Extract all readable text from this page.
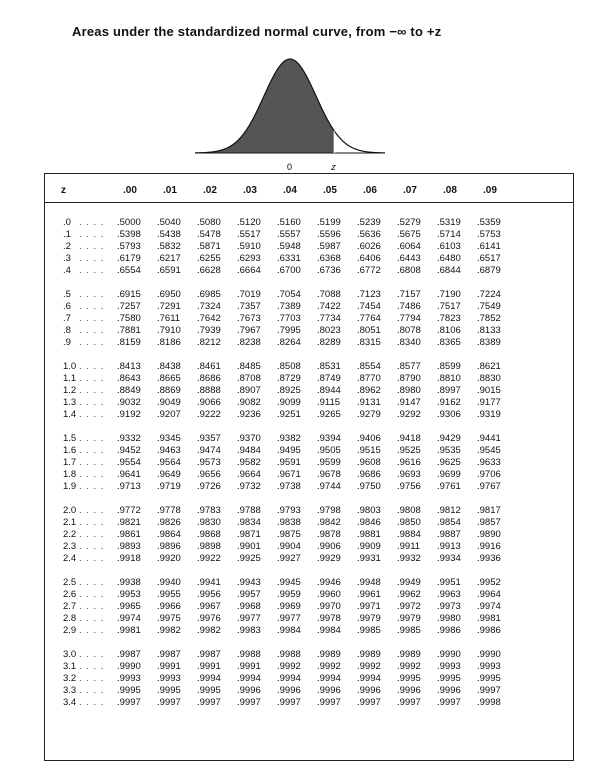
Areas under the standardized normal curve, from −∞ to +z
0	z
z	.00	.01	.02	.03	.04	.05	.06	.07	.08	.09
.0 . . . . .5000 .5040 .5080 .5120 .5160 .5199 .5239 .5279 .5319 .5359
.1 . . . . .5398 .5438 .5478 .5517 .5557 .5596 .5636 .5675 .5714 .5753
.2 . . . . .5793 .5832 .5871 .5910 .5948 .5987 .6026 .6064 .6103 .6141
.3 . . . . .6179 .6217 .6255 .6293 .6331 .6368 .6406 .6443 .6480 .6517
.4 . . . . .6554 .6591 .6628 .6664 .6700 .6736 .6772 .6808 .6844 .6879
.5 . . . . .6915 .6950 .6985 .7019 .7054 .7088 .7123 .7157 .7190 .7224
.6 . . . . .7257 .7291 .7324 .7357 .7389 .7422 .7454 .7486 .7517 .7549
.7 . . . . .7580 .7611 .7642 .7673 .7703 .7734 .7764 .7794 .7823 .7852
.8 . . . . .7881 .7910 .7939 .7967 .7995 .8023 .8051 .8078 .8106 .8133
.9 . . . . .8159 .8186 .8212 .8238 .8264 .8289 .8315 .8340 .8365 .8389
1.0 . . . . .8413 .8438 .8461 .8485 .8508 .8531 .8554 .8577 .8599 .8621
1.1 . . . . .8643 .8665 .8686 .8708 .8729 .8749 .8770 .8790 .8810 .8830
1.2 . . . . .8849 .8869 .8888 .8907 .8925 .8944 .8962 .8980 .8997 .9015
1.3 . . . . .9032 .9049 .9066 .9082 .9099 .9115 .9131 .9147 .9162 .9177
1.4 . . . . .9192 .9207 .9222 .9236 .9251 .9265 .9279 .9292 .9306 .9319
1.5 . . . . .9332 .9345 .9357 .9370 .9382 .9394 .9406 .9418 .9429 .9441
1.6 . . . . .9452 .9463 .9474 .9484 .9495 .9505 .9515 .9525 .9535 .9545
1.7 . . . . .9554 .9564 .9573 .9582 .9591 .9599 .9608 .9616 .9625 .9633
1.8 . . . . .9641 .9649 .9656 .9664 .9671 .9678 .9686 .9693 .9699 .9706
1.9 . . . . .9713 .9719 .9726 .9732 .9738 .9744 .9750 .9756 .9761 .9767
2.0 . . . . .9772 .9778 .9783 .9788 .9793 .9798 .9803 .9808 .9812 .9817
2.1 . . . . .9821 .9826 .9830 .9834 .9838 .9842 .9846 .9850 .9854 .9857
2.2 . . . . .9861 .9864 .9868 .9871 .9875 .9878 .9881 .9884 .9887 .9890
2.3 . . . . .9893 .9896 .9898 .9901 .9904 .9906 .9909 .9911 .9913 .9916
2.4 . . . . .9918 .9920 .9922 .9925 .9927 .9929 .9931 .9932 .9934 .9936
2.5 . . . . .9938 .9940 .9941 .9943 .9945 .9946 .9948 .9949 .9951 .9952
2.6 . . . . .9953 .9955 .9956 .9957 .9959 .9960 .9961 .9962 .9963 .9964
2.7 . . . . .9965 .9966 .9967 .9968 .9969 .9970 .9971 .9972 .9973 .9974
2.8 . . . . .9974 .9975 .9976 .9977 .9977 .9978 .9979 .9979 .9980 .9981
2.9 . . . . .9981 .9982 .9982 .9983 .9984 .9984 .9985 .9985 .9986 .9986
3.0 . . . . .9987 .9987 .9987 .9988 .9988 .9989 .9989 .9989 .9990 .9990
3.1 . . . . .9990 .9991 .9991 .9991 .9992 .9992 .9992 .9992 .9993 .9993
3.2 . . . . .9993 .9993 .9994 .9994 .9994 .9994 .9994 .9995 .9995 .9995
3.3 . . . . .9995 .9995 .9995 .9996 .9996 .9996 .9996 .9996 .9996 .9997
3.4 . . . . .9997 .9997 .9997 .9997 .9997 .9997 .9997 .9997 .9997 .9998
